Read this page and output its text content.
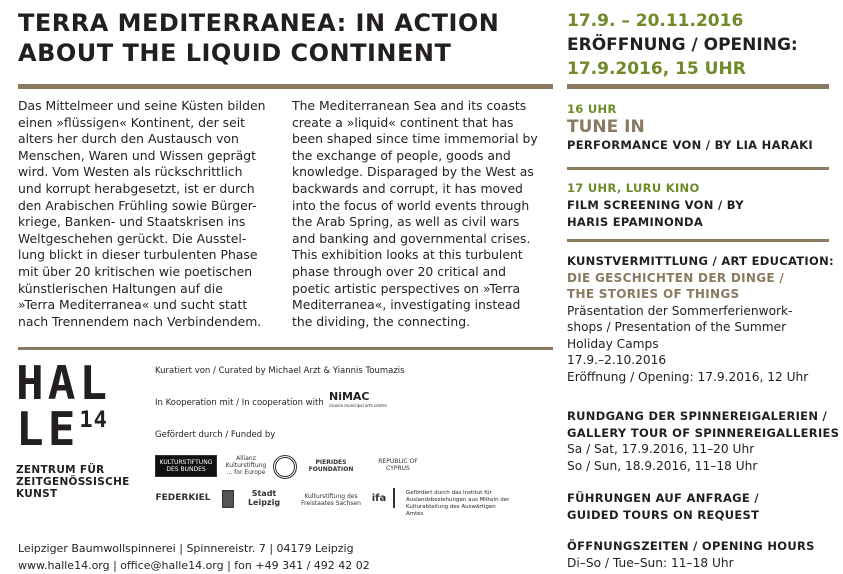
TERRA MEDITERRANEA: IN ACTION
ABOUT THE LIQUID CONTINENT
17.9. – 20.11.2016
ERÖFFNUNG / OPENING:
17.9.2016, 15 UHR
Das Mittelmeer und seine Küsten bilden
einen »flüssigen« Kontinent, der seit
alters her durch den Austausch von
Menschen, Waren und Wissen geprägt
wird. Vom Westen als rückschrittlich
und korrupt herabgesetzt, ist er durch
den Arabischen Frühling sowie Bürger-
kriege, Banken- und Staatskrisen ins
Weltgeschehen gerückt. Die Ausstel-
lung blickt in dieser turbulenten Phase
mit über 20 kritischen wie poetischen
künstlerischen Haltungen auf die
»Terra Mediterranea« und sucht statt
nach Trennendem nach Verbindendem.
The Mediterranean Sea and its coasts
create a »liquid« continent that has
been shaped since time immemorial by
the exchange of people, goods and
knowledge. Disparaged by the West as
backwards and corrupt, it has moved
into the focus of world events through
the Arab Spring, as well as civil wars
and banking and governmental crises.
This exhibition looks at this turbulent
phase through over 20 critical and
poetic artistic perspectives on »Terra
Mediterranea«, investigating instead
the dividing, the connecting.
16 UHR
TUNE IN
PERFORMANCE VON / BY LIA HARAKI
17 UHR, LURU KINO
FILM SCREENING VON / BY
HARIS EPAMINONDA
KUNSTVERMITTLUNG / ART EDUCATION:
DIE GESCHICHTEN DER DINGE /
THE STORIES OF THINGS
Präsentation der Sommerferienwork-
shops / Presentation of the Summer
Holiday Camps
17.9.–2.10.2016
Eröffnung / Opening: 17.9.2016, 12 Uhr
RUNDGANG DER SPINNEREIGALERIEN /
GALLERY TOUR OF SPINNEREIGALLERIES
Sa / Sat, 17.9.2016, 11–20 Uhr
So / Sun, 18.9.2016, 11–18 Uhr
FÜHRUNGEN AUF ANFRAGE /
GUIDED TOURS ON REQUEST
ÖFFNUNGSZEITEN / OPENING HOURS
Di–So / Tue–Sun: 11–18 Uhr
HAL
LE$^{14}$
ZENTRUM FÜR
ZEITGENÖSSISCHE
KUNST
Kuratiert von / Curated by Michael Arzt & Yiannis Toumazis
In Kooperation mit / In cooperation with NiMAC
nicosia municipal arts centre
Gefördert durch / Funded by
KULTURSTIFTUNG DES BUNDES
Allianz Kulturstiftung ... for Europe
PIERIDES FOUNDATION
REPUBLIC OF CYPRUS
FEDERKIEL	Stadt Leipzig
Kulturstiftung des Freistaates Sachsen	ifa	Gefördert durch das Institut für Auslandsbeziehungen aus Mitteln der Kulturabteilung des Auswärtigen Amtes
Leipziger Baumwollspinnerei | Spinnereistr. 7 | 04179 Leipzig
www.halle14.org | office@halle14.org | fon +49 341 / 492 42 02
